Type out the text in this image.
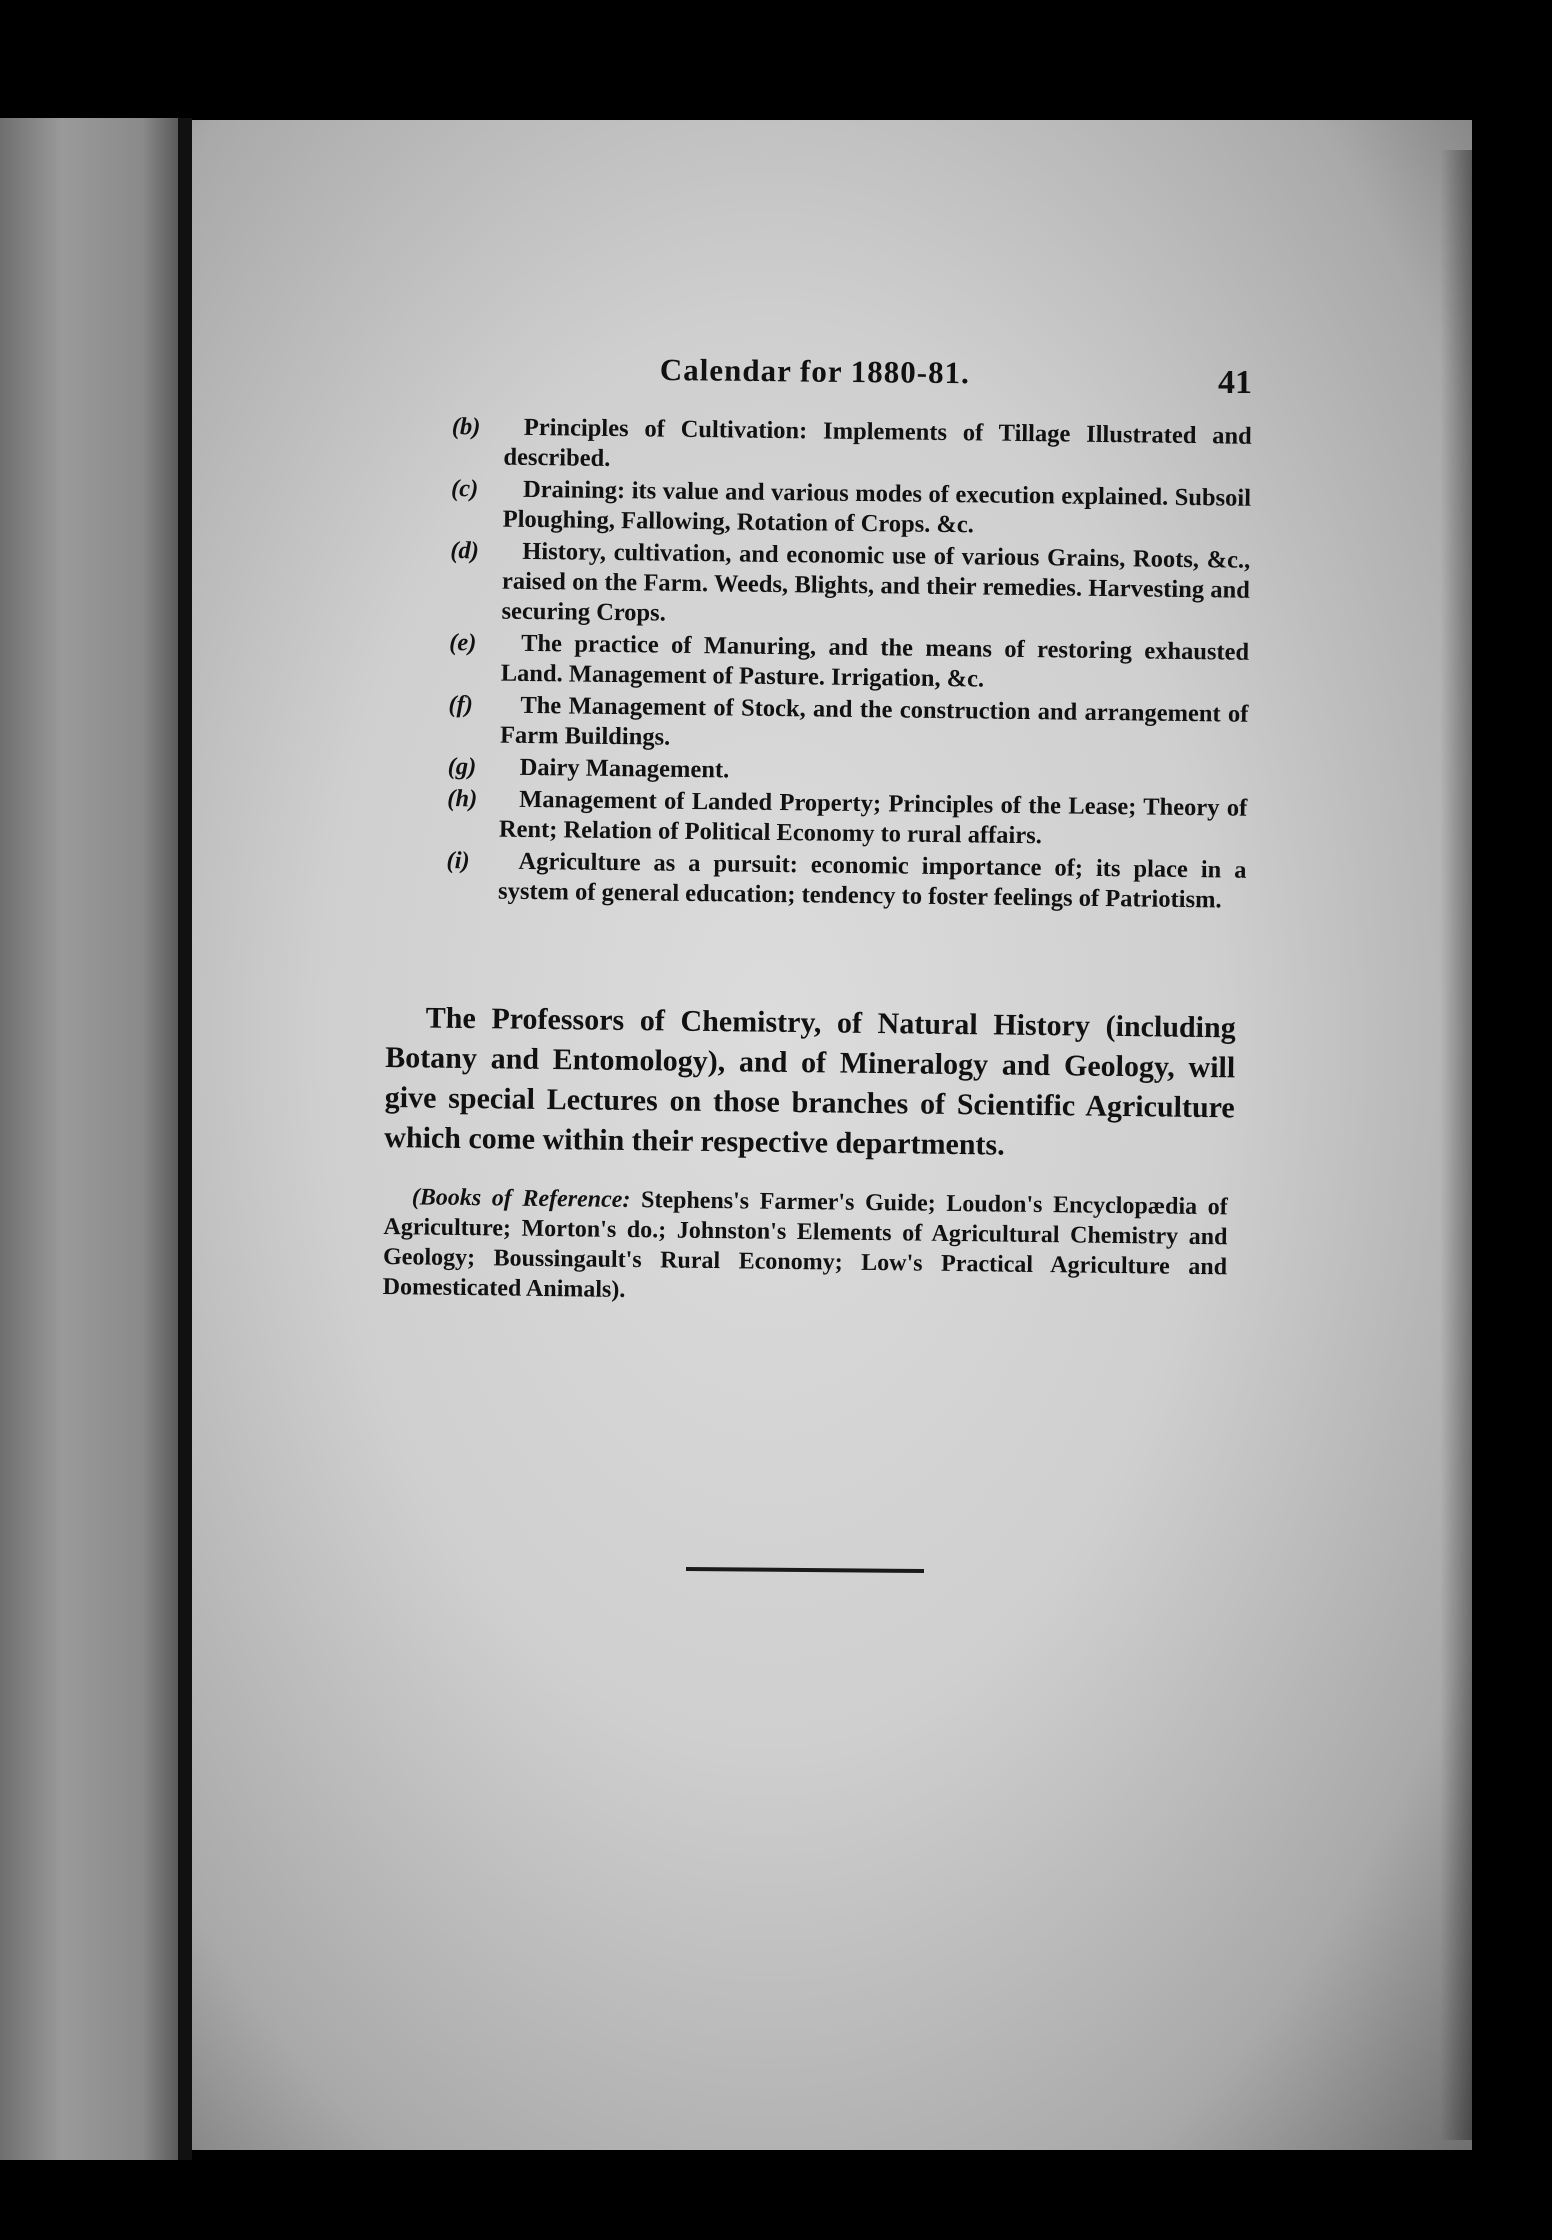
Calendar for 1880-81.	41
(b)	Principles of Cultivation: Implements of Tillage Illustrated and described.
(c)	Draining: its value and various modes of execution explained. Subsoil Ploughing, Fallowing, Rotation of Crops. &c.
(d)	History, cultivation, and economic use of various Grains, Roots, &c., raised on the Farm. Weeds, Blights, and their remedies. Harvesting and securing Crops.
(e)	The practice of Manuring, and the means of restoring exhausted Land. Management of Pasture. Irrigation, &c.
(f)	The Management of Stock, and the construction and arrangement of Farm Buildings.
(g)	Dairy Management.
(h)	Management of Landed Property; Principles of the Lease; Theory of Rent; Relation of Political Economy to rural affairs.
(i)	Agriculture as a pursuit: economic importance of; its place in a system of general education; tendency to foster feelings of Patriotism.
The Professors of Chemistry, of Natural History (including Botany and Entomology), and of Mineralogy and Geology, will give special Lectures on those branches of Scientific Agriculture which come within their respective departments.
(Books of Reference: Stephens's Farmer's Guide; Loudon's Encyclopædia of Agriculture; Morton's do.; Johnston's Elements of Agricultural Chemistry and Geology; Boussingault's Rural Economy; Low's Practical Agriculture and Domesticated Animals).
